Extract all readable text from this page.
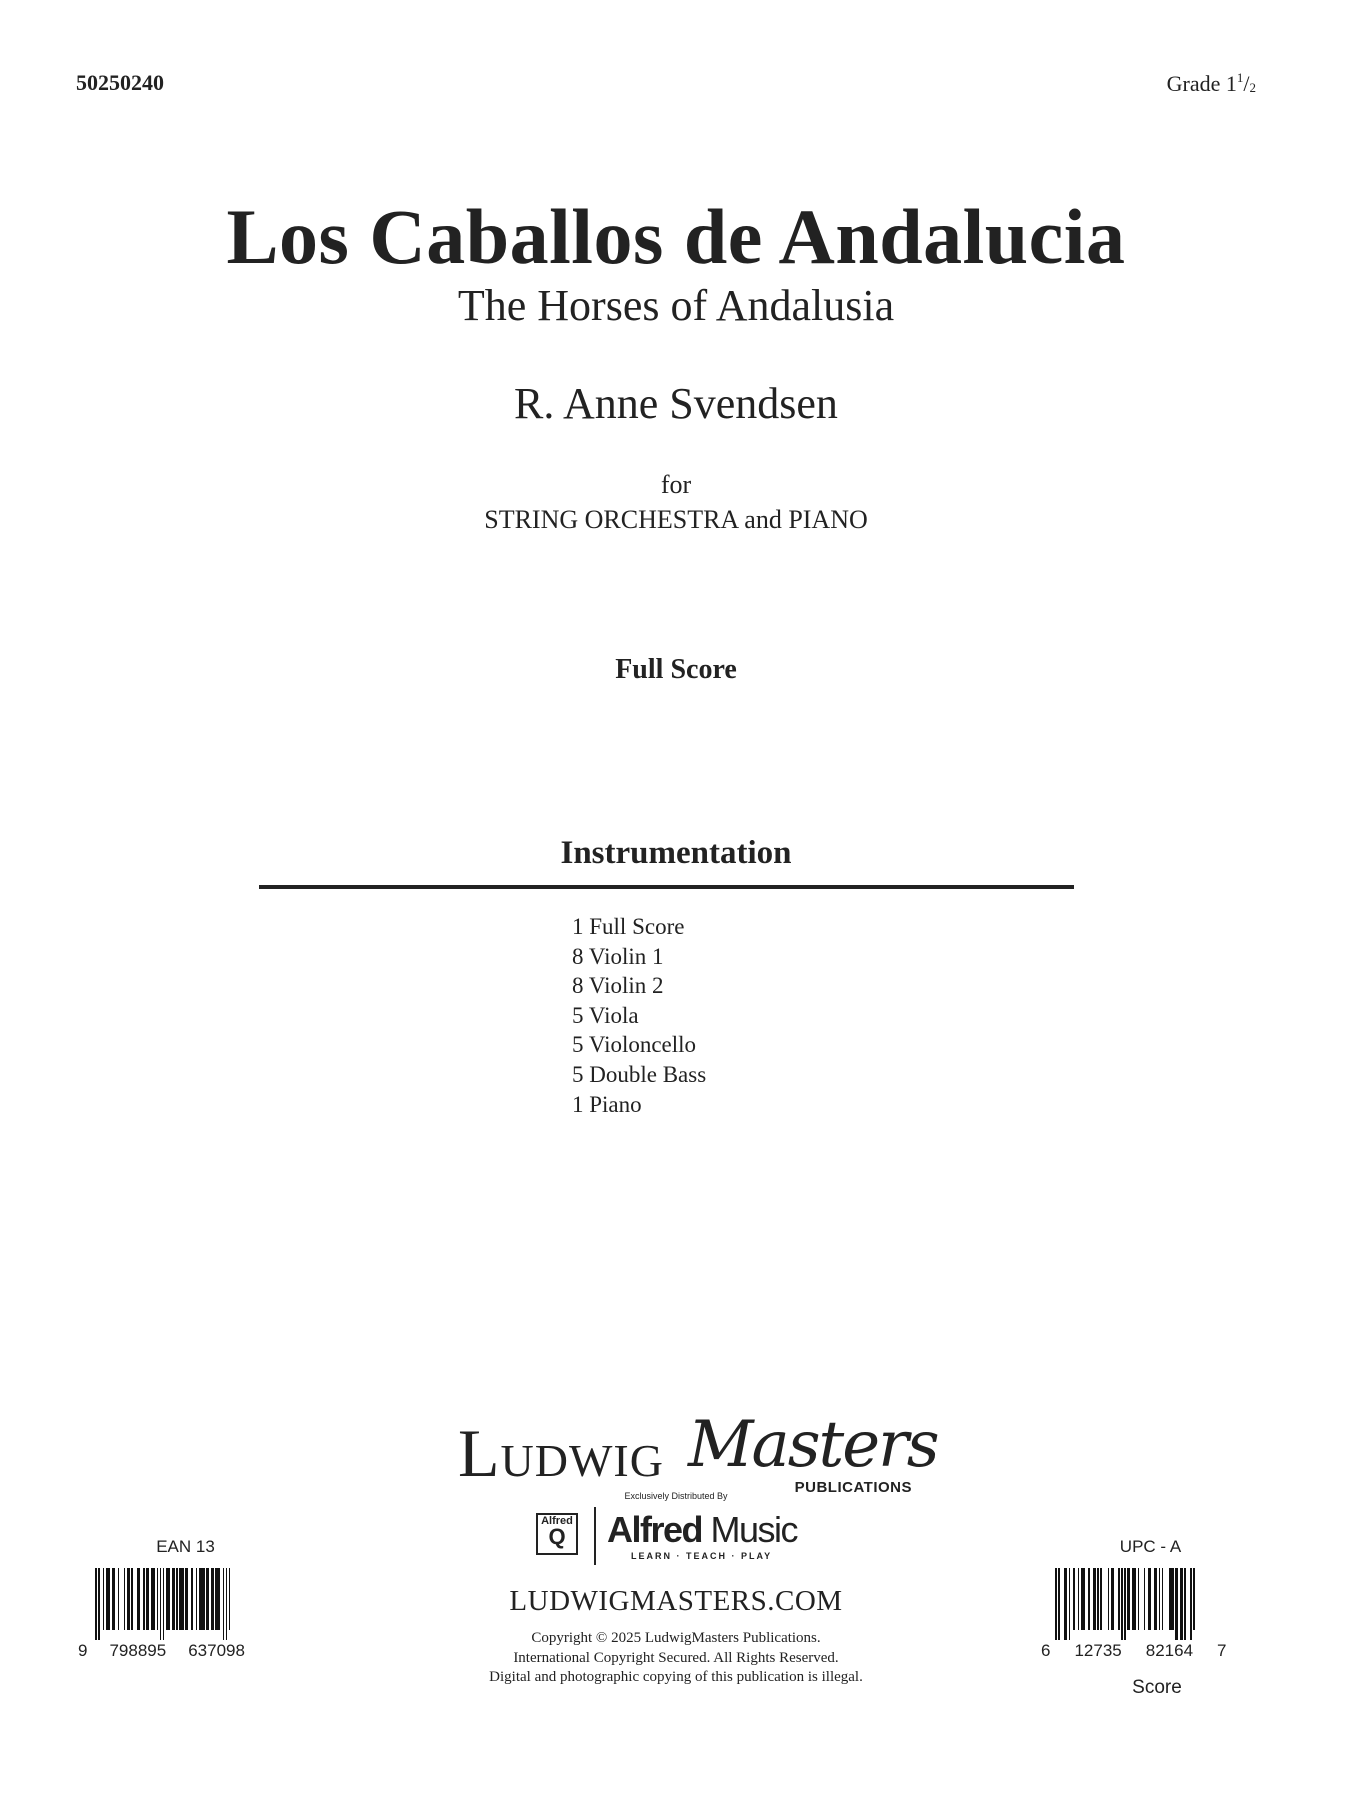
50250240	Grade $1^1/_2$
Los Caballos de Andalucia
The Horses of Andalusia
R. Anne Svendsen
for
STRING ORCHESTRA and PIANO
Full Score
Instrumentation
1 Full Score
8 Violin 1
8 Violin 2
5 Viola
5 Violoncello
5 Double Bass
1 Piano
LUDWIG Masters
PUBLICATIONS
Exclusively Distributed By
Alfred
Q Alfred Music
LEARN · TEACH · PLAY
LUDWIGMASTERS.COM
Copyright © 2025 LudwigMasters Publications.
International Copyright Secured. All Rights Reserved.
Digital and photographic copying of this publication is illegal.
EAN 13
9 798895 637098
UPC - A
6 12735 82164 7
Score
